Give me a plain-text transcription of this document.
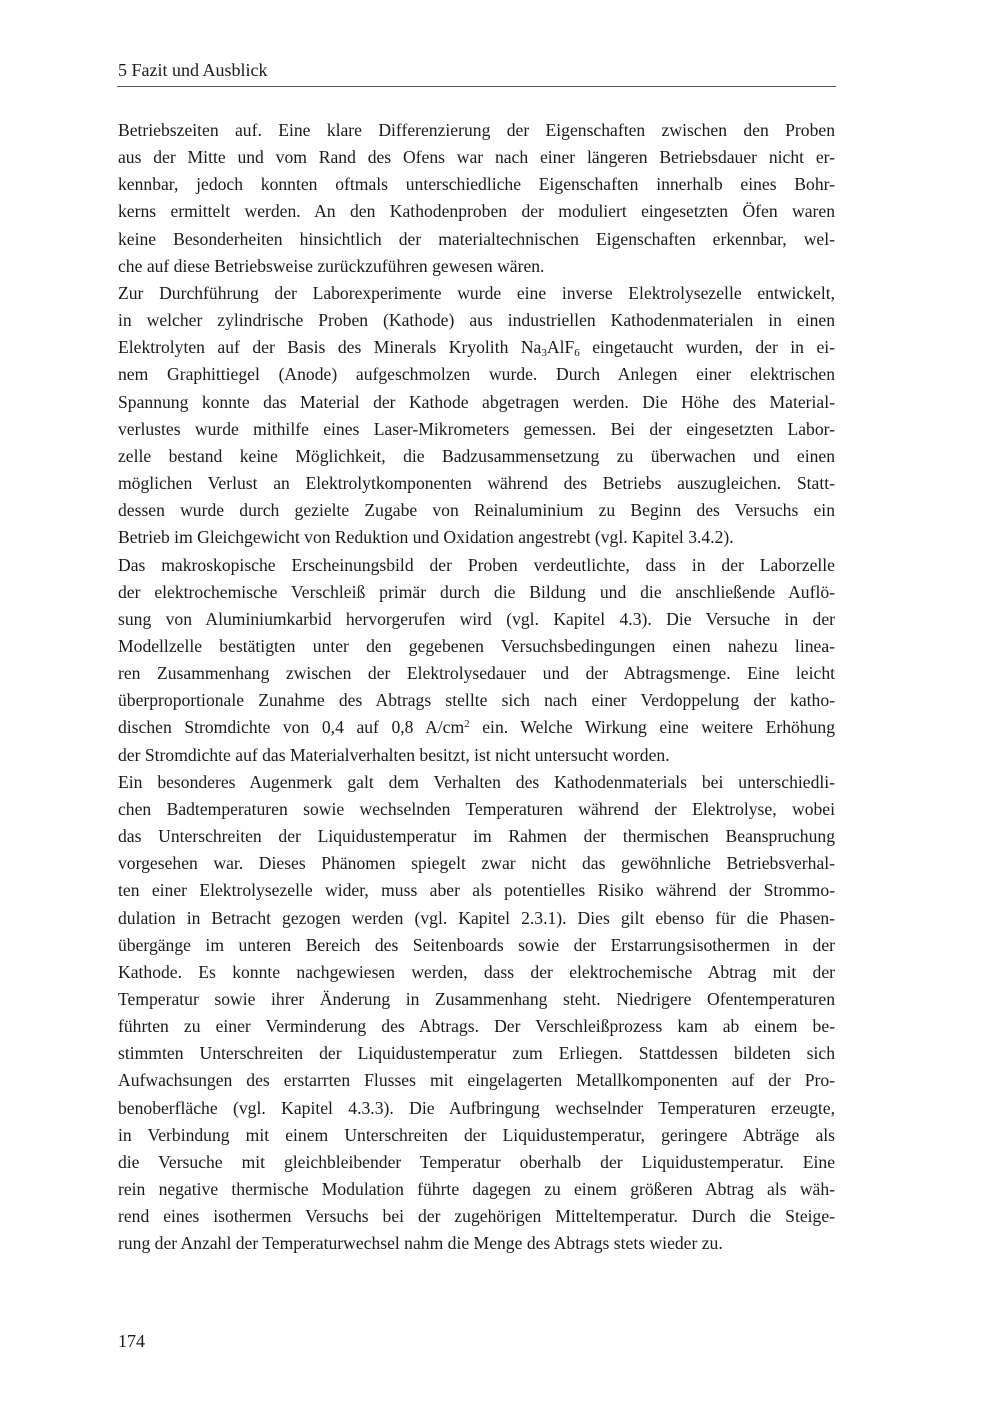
5 Fazit und Ausblick
Betriebszeiten auf. Eine klare Differenzierung der Eigenschaften zwischen den Proben
aus der Mitte und vom Rand des Ofens war nach einer längeren Betriebsdauer nicht er-
kennbar, jedoch konnten oftmals unterschiedliche Eigenschaften innerhalb eines Bohr-
kerns ermittelt werden. An den Kathodenproben der moduliert eingesetzten Öfen waren
keine Besonderheiten hinsichtlich der materialtechnischen Eigenschaften erkennbar, wel-
che auf diese Betriebsweise zurückzuführen gewesen wären.
Zur Durchführung der Laborexperimente wurde eine inverse Elektrolysezelle entwickelt,
in welcher zylindrische Proben (Kathode) aus industriellen Kathodenmaterialen in einen
Elektrolyten auf der Basis des Minerals Kryolith $Na_3AlF_6$ eingetaucht wurden, der in ei-
nem Graphittiegel (Anode) aufgeschmolzen wurde. Durch Anlegen einer elektrischen
Spannung konnte das Material der Kathode abgetragen werden. Die Höhe des Material-
verlustes wurde mithilfe eines Laser-Mikrometers gemessen. Bei der eingesetzten Labor-
zelle bestand keine Möglichkeit, die Badzusammensetzung zu überwachen und einen
möglichen Verlust an Elektrolytkomponenten während des Betriebs auszugleichen. Statt-
dessen wurde durch gezielte Zugabe von Reinaluminium zu Beginn des Versuchs ein
Betrieb im Gleichgewicht von Reduktion und Oxidation angestrebt (vgl. Kapitel 3.4.2).
Das makroskopische Erscheinungsbild der Proben verdeutlichte, dass in der Laborzelle
der elektrochemische Verschleiß primär durch die Bildung und die anschließende Auflö-
sung von Aluminiumkarbid hervorgerufen wird (vgl. Kapitel 4.3). Die Versuche in der
Modellzelle bestätigten unter den gegebenen Versuchsbedingungen einen nahezu linea-
ren Zusammenhang zwischen der Elektrolysedauer und der Abtragsmenge. Eine leicht
überproportionale Zunahme des Abtrags stellte sich nach einer Verdoppelung der katho-
dischen Stromdichte von 0,4 auf 0,8 $A/cm^2$ ein. Welche Wirkung eine weitere Erhöhung
der Stromdichte auf das Materialverhalten besitzt, ist nicht untersucht worden.
Ein besonderes Augenmerk galt dem Verhalten des Kathodenmaterials bei unterschiedli-
chen Badtemperaturen sowie wechselnden Temperaturen während der Elektrolyse, wobei
das Unterschreiten der Liquidustemperatur im Rahmen der thermischen Beanspruchung
vorgesehen war. Dieses Phänomen spiegelt zwar nicht das gewöhnliche Betriebsverhal-
ten einer Elektrolysezelle wider, muss aber als potentielles Risiko während der Strommo-
dulation in Betracht gezogen werden (vgl. Kapitel 2.3.1). Dies gilt ebenso für die Phasen-
übergänge im unteren Bereich des Seitenboards sowie der Erstarrungsisothermen in der
Kathode. Es konnte nachgewiesen werden, dass der elektrochemische Abtrag mit der
Temperatur sowie ihrer Änderung in Zusammenhang steht. Niedrigere Ofentemperaturen
führten zu einer Verminderung des Abtrags. Der Verschleißprozess kam ab einem be-
stimmten Unterschreiten der Liquidustemperatur zum Erliegen. Stattdessen bildeten sich
Aufwachsungen des erstarrten Flusses mit eingelagerten Metallkomponenten auf der Pro-
benoberfläche (vgl. Kapitel 4.3.3). Die Aufbringung wechselnder Temperaturen erzeugte,
in Verbindung mit einem Unterschreiten der Liquidustemperatur, geringere Abträge als
die Versuche mit gleichbleibender Temperatur oberhalb der Liquidustemperatur. Eine
rein negative thermische Modulation führte dagegen zu einem größeren Abtrag als wäh-
rend eines isothermen Versuchs bei der zugehörigen Mitteltemperatur. Durch die Steige-
rung der Anzahl der Temperaturwechsel nahm die Menge des Abtrags stets wieder zu.
174
